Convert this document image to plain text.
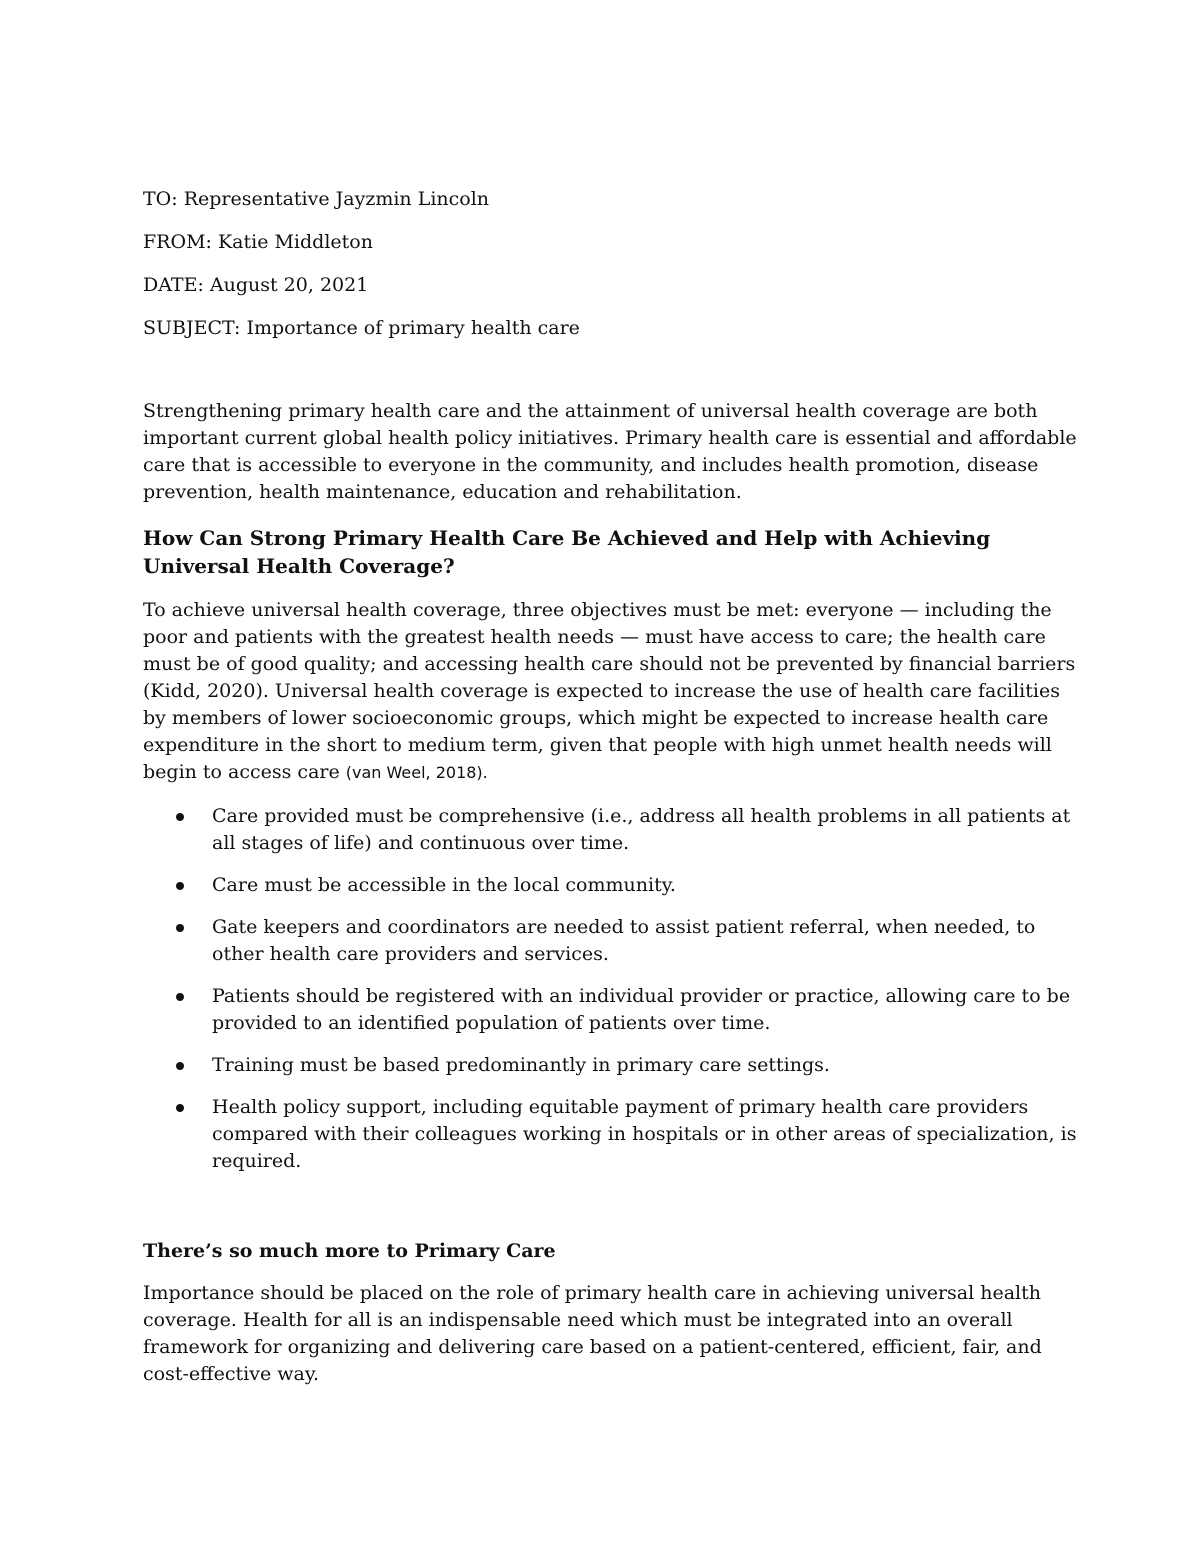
TO: Representative Jayzmin Lincoln
FROM: Katie Middleton
DATE: August 20, 2021
SUBJECT: Importance of primary health care

Strengthening primary health care and the attainment of universal health coverage are both important current global health policy initiatives. Primary health care is essential and affordable care that is accessible to everyone in the community, and includes health promotion, disease prevention, health maintenance, education and rehabilitation.

How Can Strong Primary Health Care Be Achieved and Help with Achieving Universal Health Coverage?

To achieve universal health coverage, three objectives must be met: everyone — including the poor and patients with the greatest health needs — must have access to care; the health care must be of good quality; and accessing health care should not be prevented by financial barriers (Kidd, 2020). Universal health coverage is expected to increase the use of health care facilities by members of lower socioeconomic groups, which might be expected to increase health care expenditure in the short to medium term, given that people with high unmet health needs will begin to access care (van Weel, 2018).

Care provided must be comprehensive (i.e., address all health problems in all patients at all stages of life) and continuous over time.
Care must be accessible in the local community.
Gate keepers and coordinators are needed to assist patient referral, when needed, to other health care providers and services.
Patients should be registered with an individual provider or practice, allowing care to be provided to an identified population of patients over time.
Training must be based predominantly in primary care settings.
Health policy support, including equitable payment of primary health care providers compared with their colleagues working in hospitals or in other areas of specialization, is required.
There’s so much more to Primary Care

Importance should be placed on the role of primary health care in achieving universal health coverage. Health for all is an indispensable need which must be integrated into an overall framework for organizing and delivering care based on a patient-centered, efficient, fair, and cost-effective way.
